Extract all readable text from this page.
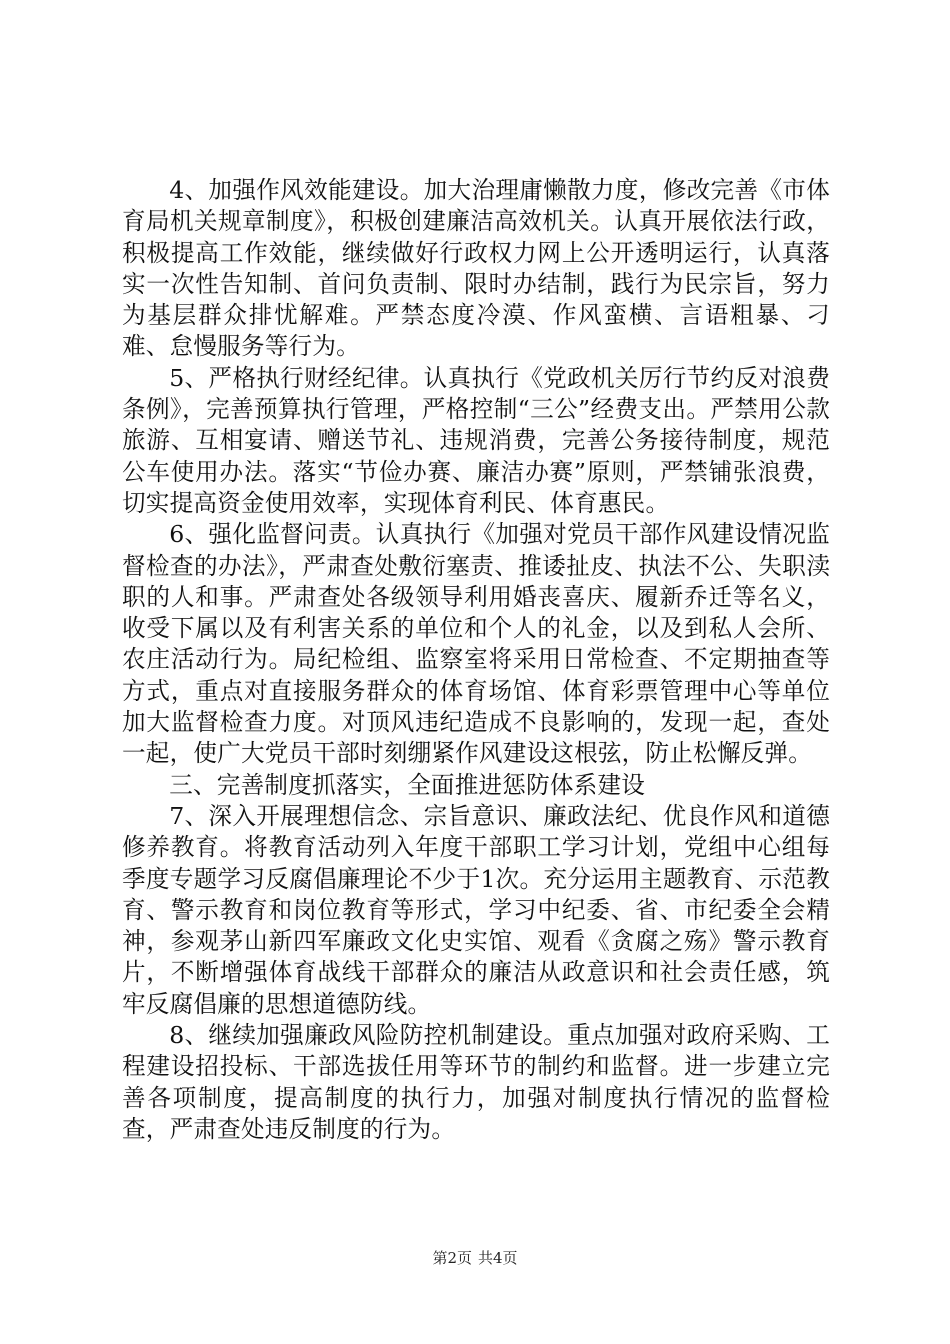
4、加强作风效能建设。加大治理庸懒散力度，修改完善《市体育局机关规章制度》，积极创建廉洁高效机关。认真开展依法行政，积极提高工作效能，继续做好行政权力网上公开透明运行，认真落实一次性告知制、首问负责制、限时办结制，践行为民宗旨，努力为基层群众排忧解难。严禁态度冷漠、作风蛮横、言语粗暴、刁难、怠慢服务等行为。

5、严格执行财经纪律。认真执行《党政机关厉行节约反对浪费条例》，完善预算执行管理，严格控制“三公”经费支出。严禁用公款旅游、互相宴请、赠送节礼、违规消费，完善公务接待制度，规范公车使用办法。落实“节俭办赛、廉洁办赛”原则，严禁铺张浪费，切实提高资金使用效率，实现体育利民、体育惠民。

6、强化监督问责。认真执行《加强对党员干部作风建设情况监督检查的办法》，严肃查处敷衍塞责、推诿扯皮、执法不公、失职渎职的人和事。严肃查处各级领导利用婚丧喜庆、履新乔迁等名义，收受下属以及有利害关系的单位和个人的礼金，以及到私人会所、农庄活动行为。局纪检组、监察室将采用日常检查、不定期抽查等方式，重点对直接服务群众的体育场馆、体育彩票管理中心等单位加大监督检查力度。对顶风违纪造成不良影响的，发现一起，查处一起，使广大党员干部时刻绷紧作风建设这根弦，防止松懈反弹。

三、完善制度抓落实，全面推进惩防体系建设

7、深入开展理想信念、宗旨意识、廉政法纪、优良作风和道德修养教育。将教育活动列入年度干部职工学习计划，党组中心组每季度专题学习反腐倡廉理论不少于1次。充分运用主题教育、示范教育、警示教育和岗位教育等形式，学习中纪委、省、市纪委全会精神，参观茅山新四军廉政文化史实馆、观看《贪腐之殇》警示教育片，不断增强体育战线干部群众的廉洁从政意识和社会责任感，筑牢反腐倡廉的思想道德防线。

8、继续加强廉政风险防控机制建设。重点加强对政府采购、工程建设招投标、干部选拔任用等环节的制约和监督。进一步建立完善各项制度，提高制度的执行力，加强对制度执行情况的监督检查，严肃查处违反制度的行为。

第2页 共4页
